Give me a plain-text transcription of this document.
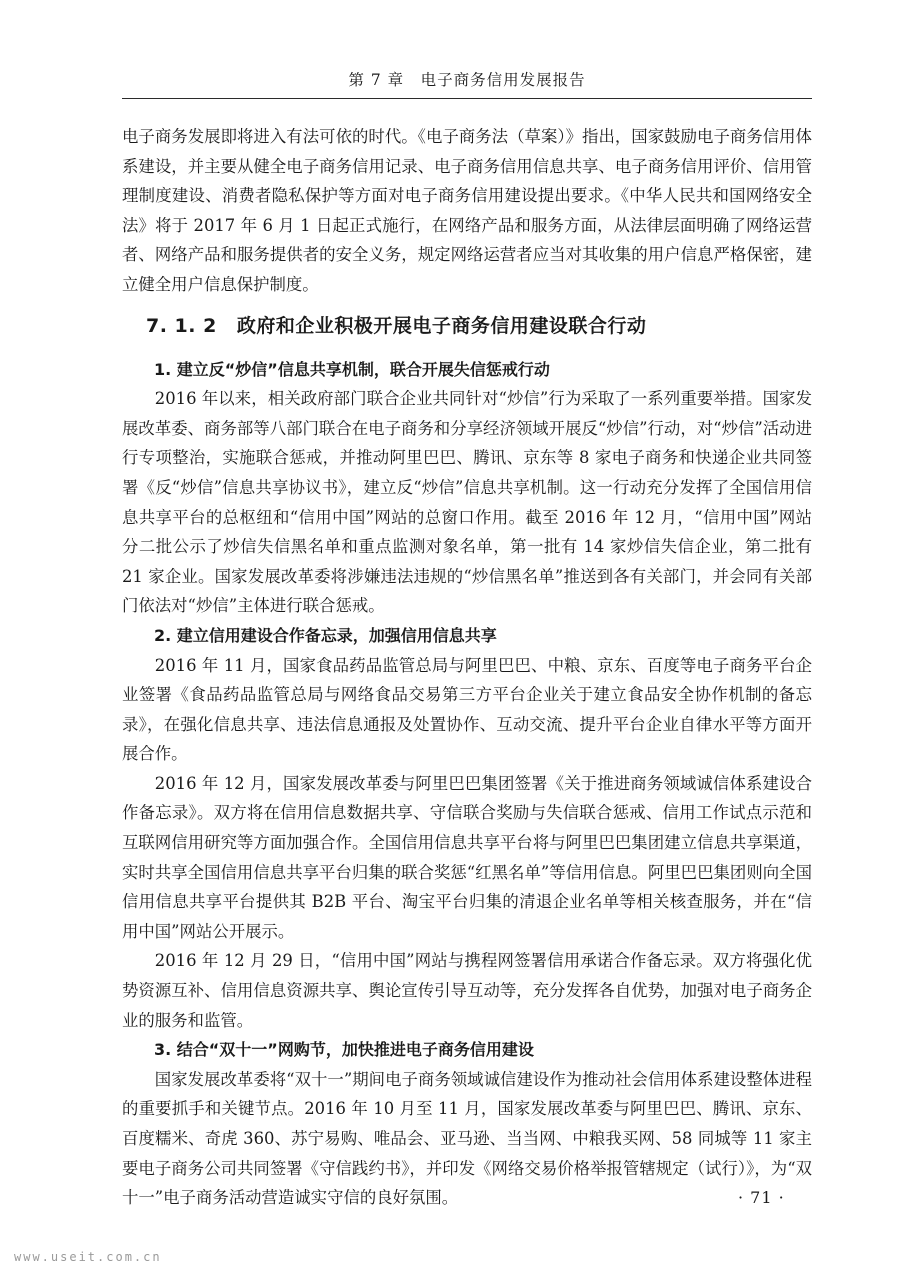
第 7 章　电子商务信用发展报告

电子商务发展即将进入有法可依的时代。《电子商务法（草案）》指出，国家鼓励电子商务信用体系建设，并主要从健全电子商务信用记录、电子商务信用信息共享、电子商务信用评价、信用管理制度建设、消费者隐私保护等方面对电子商务信用建设提出要求。《中华人民共和国网络安全法》将于 2017 年 6 月 1 日起正式施行，在网络产品和服务方面，从法律层面明确了网络运营者、网络产品和服务提供者的安全义务，规定网络运营者应当对其收集的用户信息严格保密，建立健全用户信息保护制度。

7. 1. 2 政府和企业积极开展电子商务信用建设联合行动
1. 建立反“炒信”信息共享机制，联合开展失信惩戒行动

2016 年以来，相关政府部门联合企业共同针对“炒信”行为采取了一系列重要举措。国家发展改革委、商务部等八部门联合在电子商务和分享经济领域开展反“炒信”行动，对“炒信”活动进行专项整治，实施联合惩戒，并推动阿里巴巴、腾讯、京东等 8 家电子商务和快递企业共同签署《反“炒信”信息共享协议书》，建立反“炒信”信息共享机制。这一行动充分发挥了全国信用信息共享平台的总枢纽和“信用中国”网站的总窗口作用。截至 2016 年 12 月，“信用中国”网站分二批公示了炒信失信黑名单和重点监测对象名单，第一批有 14 家炒信失信企业，第二批有 21 家企业。国家发展改革委将涉嫌违法违规的“炒信黑名单”推送到各有关部门，并会同有关部门依法对“炒信”主体进行联合惩戒。

2. 建立信用建设合作备忘录，加强信用信息共享

2016 年 11 月，国家食品药品监管总局与阿里巴巴、中粮、京东、百度等电子商务平台企业签署《食品药品监管总局与网络食品交易第三方平台企业关于建立食品安全协作机制的备忘录》，在强化信息共享、违法信息通报及处置协作、互动交流、提升平台企业自律水平等方面开展合作。

2016 年 12 月，国家发展改革委与阿里巴巴集团签署《关于推进商务领域诚信体系建设合作备忘录》。双方将在信用信息数据共享、守信联合奖励与失信联合惩戒、信用工作试点示范和互联网信用研究等方面加强合作。全国信用信息共享平台将与阿里巴巴集团建立信息共享渠道，实时共享全国信用信息共享平台归集的联合奖惩“红黑名单”等信用信息。阿里巴巴集团则向全国信用信息共享平台提供其 B2B 平台、淘宝平台归集的清退企业名单等相关核查服务，并在“信用中国”网站公开展示。

2016 年 12 月 29 日，“信用中国”网站与携程网签署信用承诺合作备忘录。双方将强化优势资源互补、信用信息资源共享、舆论宣传引导互动等，充分发挥各自优势，加强对电子商务企业的服务和监管。

3. 结合“双十一”网购节，加快推进电子商务信用建设

国家发展改革委将“双十一”期间电子商务领域诚信建设作为推动社会信用体系建设整体进程的重要抓手和关键节点。2016 年 10 月至 11 月，国家发展改革委与阿里巴巴、腾讯、京东、百度糯米、奇虎 360、苏宁易购、唯品会、亚马逊、当当网、中粮我买网、58 同城等 11 家主要电子商务公司共同签署《守信践约书》，并印发《网络交易价格举报管辖规定（试行）》，为“双十一”电子商务活动营造诚实守信的良好氛围。	· 71 ·
www.useit.com.cn
